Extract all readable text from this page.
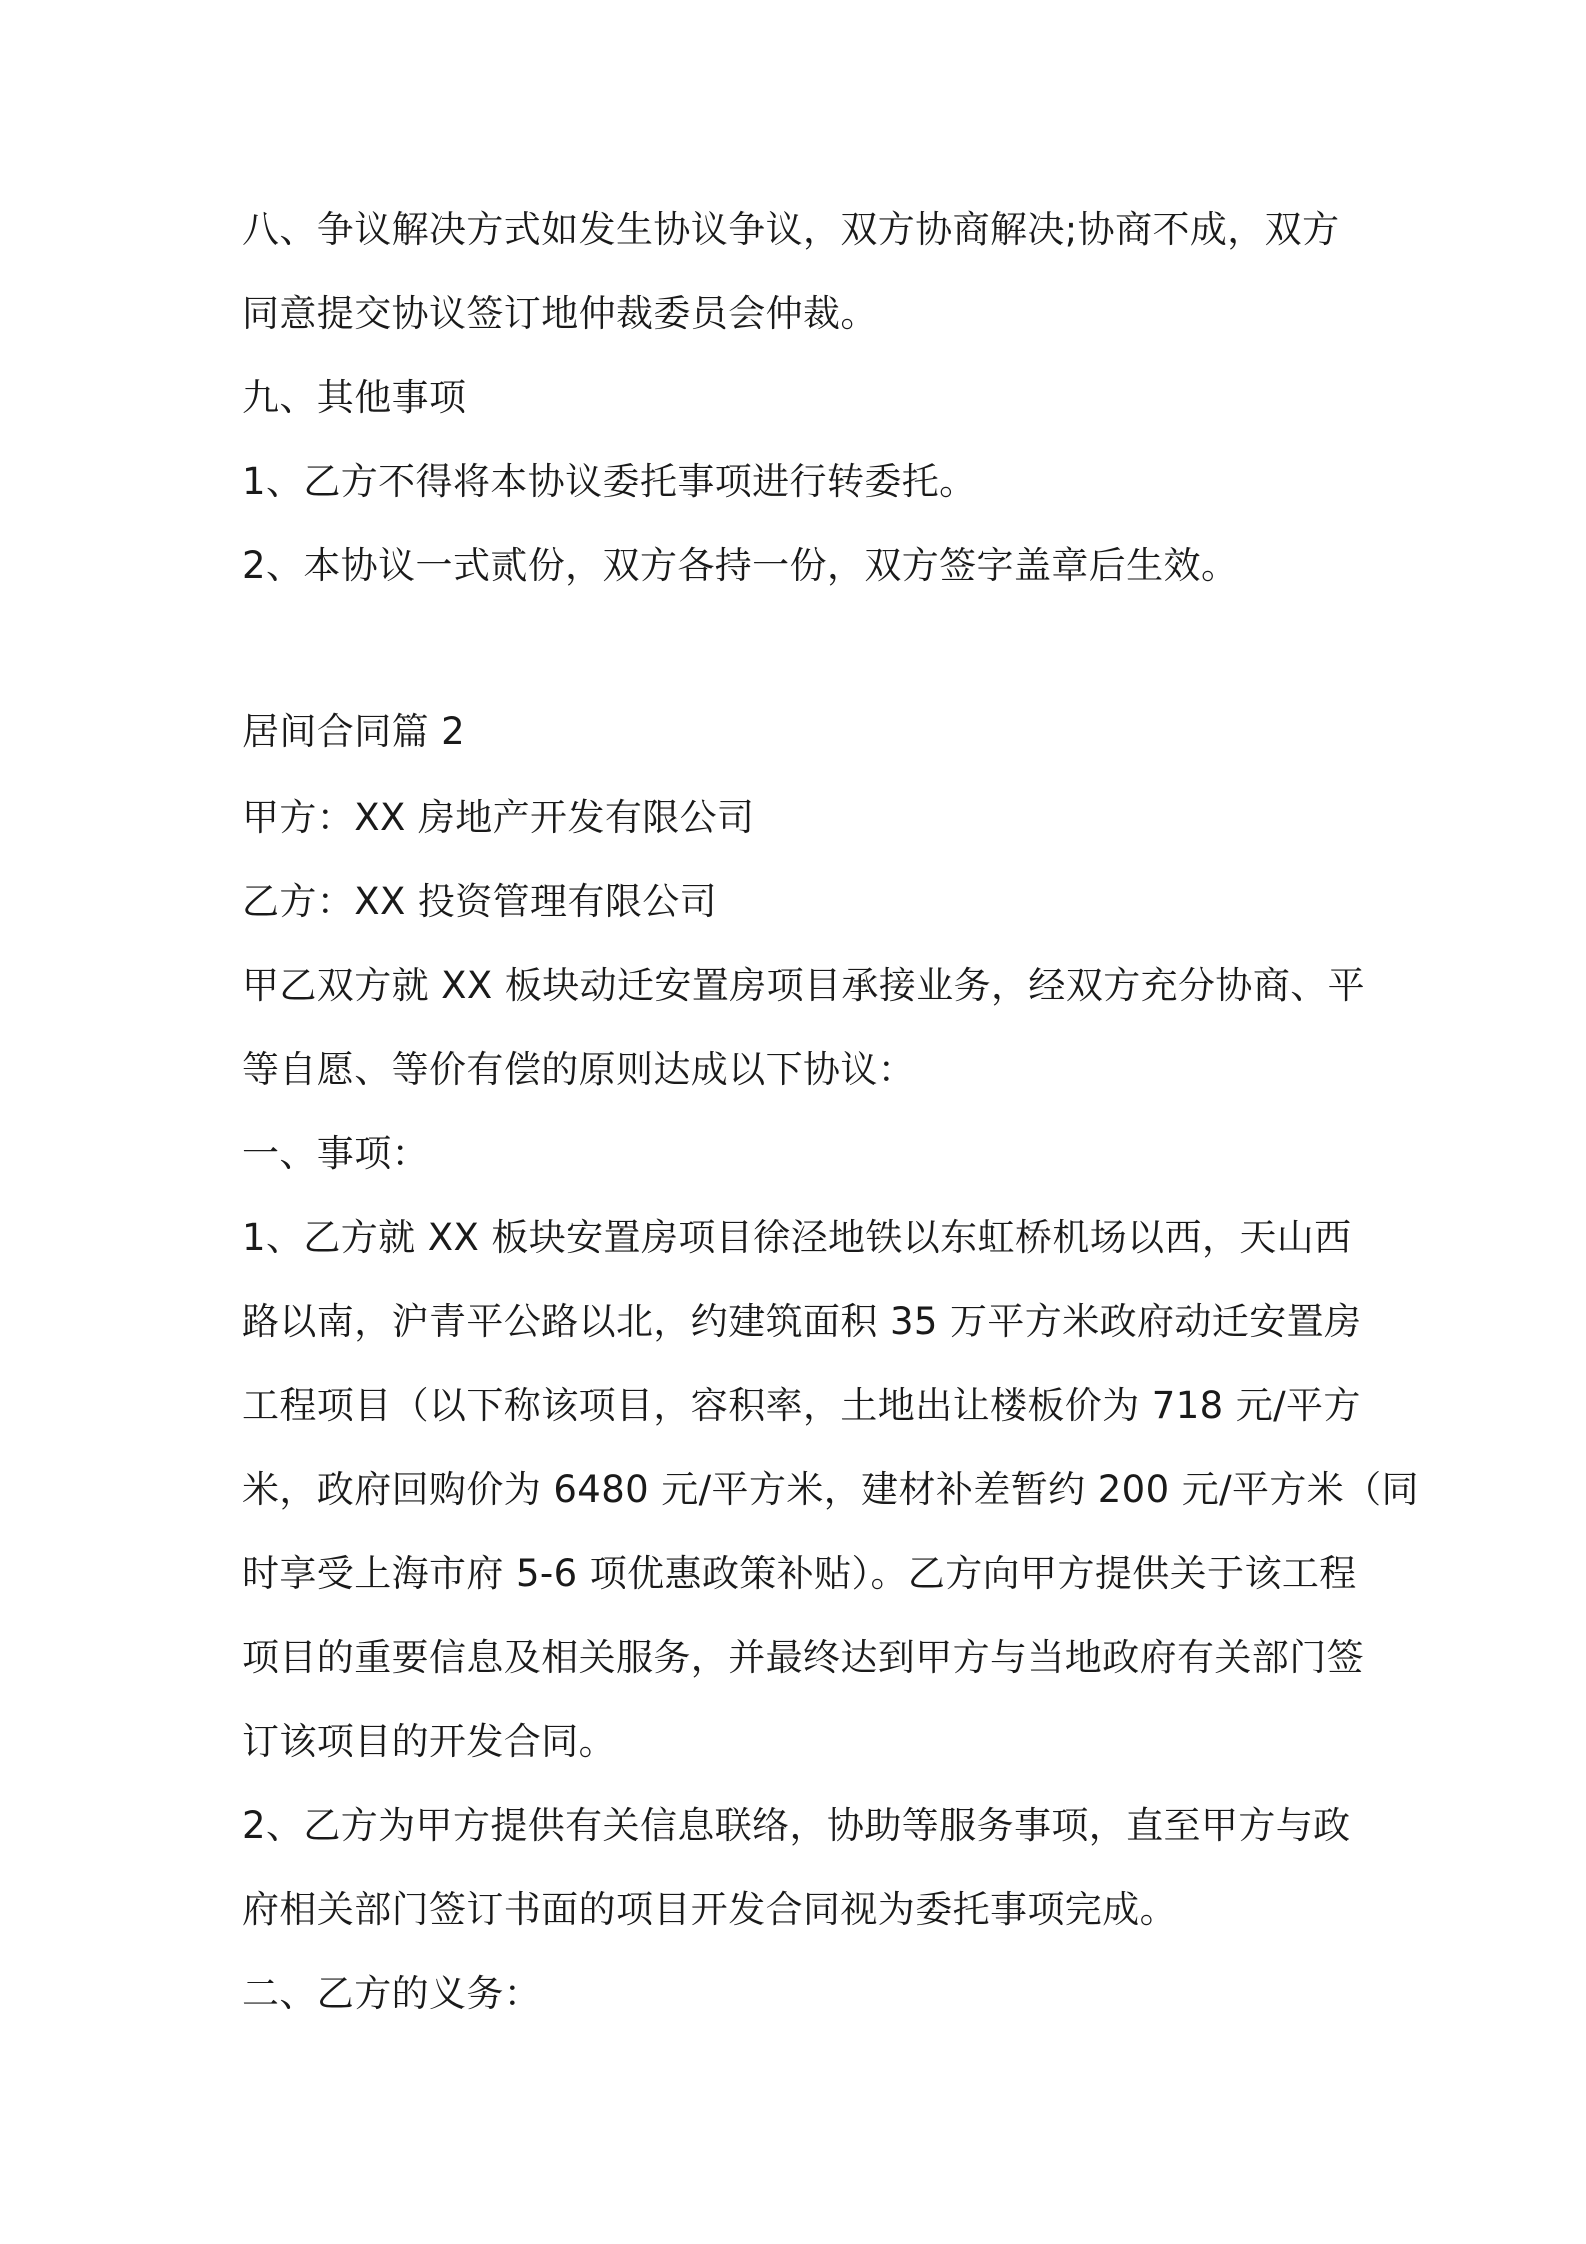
八、争议解决方式如发生协议争议，双方协商解决;协商不成，双方
同意提交协议签订地仲裁委员会仲裁。
九、其他事项
1、乙方不得将本协议委托事项进行转委托。
2、本协议一式贰份，双方各持一份，双方签字盖章后生效。
居间合同篇 2
甲方：XX 房地产开发有限公司
乙方：XX 投资管理有限公司
甲乙双方就 XX 板块动迁安置房项目承接业务，经双方充分协商、平
等自愿、等价有偿的原则达成以下协议：
一、事项：
1、乙方就 XX 板块安置房项目徐泾地铁以东虹桥机场以西，天山西
路以南，沪青平公路以北，约建筑面积 35 万平方米政府动迁安置房
工程项目（以下称该项目，容积率，土地出让楼板价为 718 元/平方
米，政府回购价为 6480 元/平方米，建材补差暂约 200 元/平方米（同
时享受上海市府 5-6 项优惠政策补贴）。乙方向甲方提供关于该工程
项目的重要信息及相关服务，并最终达到甲方与当地政府有关部门签
订该项目的开发合同。
2、乙方为甲方提供有关信息联络，协助等服务事项，直至甲方与政
府相关部门签订书面的项目开发合同视为委托事项完成。
二、乙方的义务：
